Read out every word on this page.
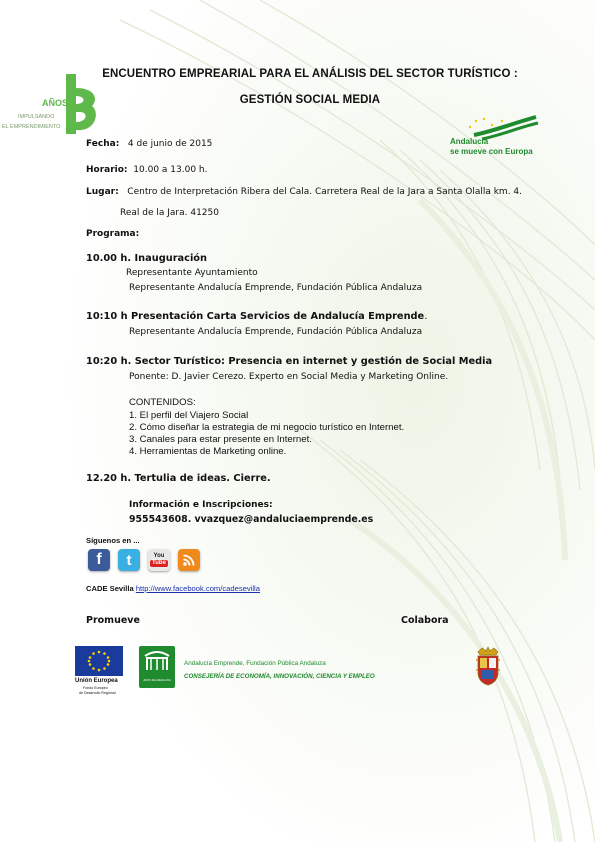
AÑOS
IMPULSANDO
EL EMPRENDIMIENTO
ENCUENTRO EMPREARIAL PARA EL ANÁLISIS DEL SECTOR TURÍSTICO :
GESTIÓN SOCIAL MEDIA
Andalucía
se mueve con Europa
Fecha: 4 de junio de 2015
Horario: 10.00 a 13.00 h.
Lugar: Centro de Interpretación Ribera del Cala. Carretera Real de la Jara a Santa Olalla km. 4.
Real de la Jara. 41250
Programa:
10.00 h. Inauguración
Representante Ayuntamiento
Representante Andalucía Emprende, Fundación Pública Andaluza
10:10 h Presentación Carta Servicios de Andalucía Emprende.
Representante Andalucía Emprende, Fundación Pública Andaluza
10:20 h. Sector Turístico: Presencia en internet y gestión de Social Media
Ponente: D. Javier Cerezo. Experto en Social Media y Marketing Online.
CONTENIDOS:
1. El perfil del Viajero Social
2. Cómo diseñar la estrategia de mi negocio turístico en Internet.
3. Canales para estar presente en Internet.
4. Herramientas de Marketing online.
12.20 h. Tertulia de ideas. Cierre.
Información e Inscripciones:
955543608. vvazquez@andaluciaemprende.es
Síguenos en ...
f t	You
Tube
CADE Sevilla http://www.facebook.com/cadesevilla
Promueve	Colabora
Unión Europea
Fondo Europeo
de Desarrollo Regional
JUNTA DE ANDALUCIA
Andalucía Emprende, Fundación Pública Andaluza
CONSEJERÍA DE ECONOMÍA, INNOVACIÓN, CIENCIA Y EMPLEO
